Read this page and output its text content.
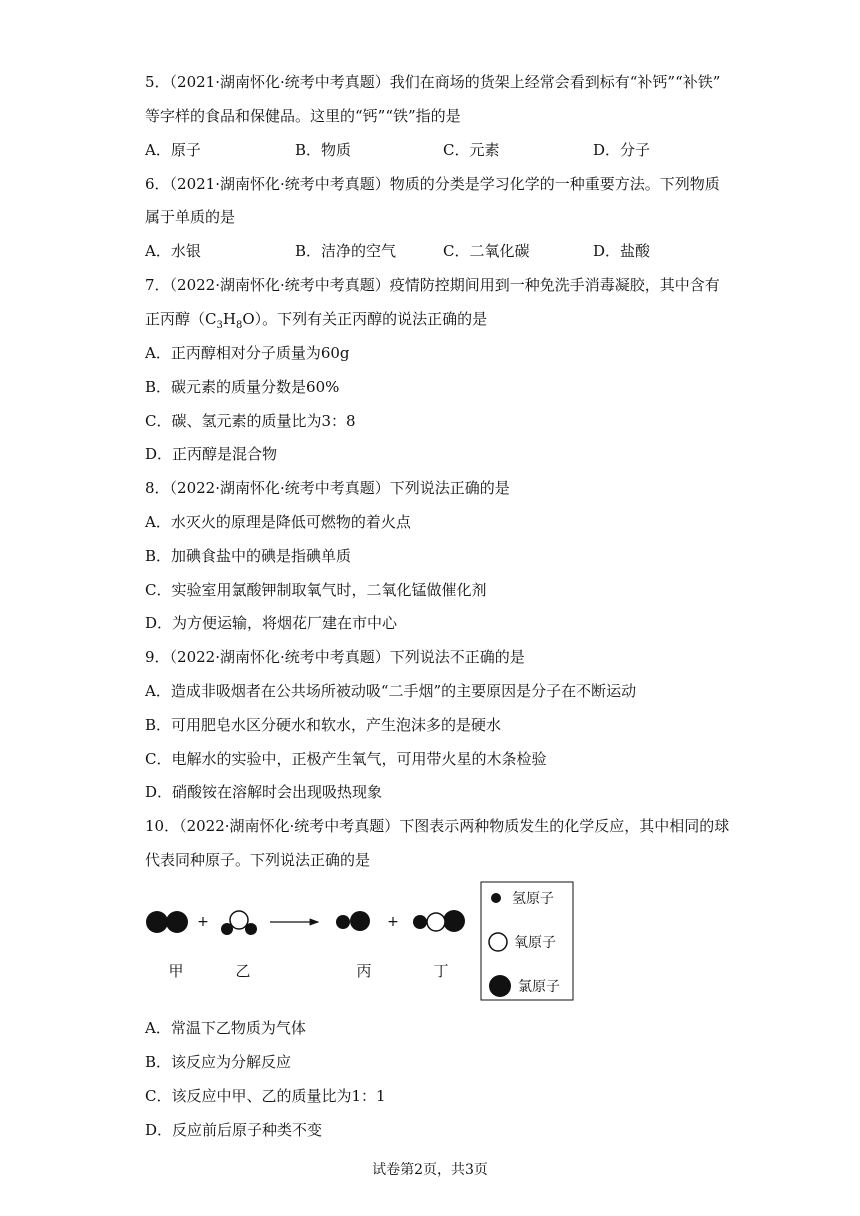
5．（2021·湖南怀化·统考中考真题）我们在商场的货架上经常会看到标有“补钙”“补铁”
等字样的食品和保健品。这里的“钙”“铁”指的是
A．原子	B．物质	C．元素	D．分子
6．（2021·湖南怀化·统考中考真题）物质的分类是学习化学的一种重要方法。下列物质
属于单质的是
A．水银	B．洁净的空气	C．二氧化碳	D．盐酸
7．（2022·湖南怀化·统考中考真题）疫情防控期间用到一种免洗手消毒凝胶，其中含有
正丙醇$(C_3H_8O)$。下列有关正丙醇的说法正确的是
A．正丙醇相对分子质量为60g
B．碳元素的质量分数是60%
C．碳、氢元素的质量比为3：8
D．正丙醇是混合物
8．（2022·湖南怀化·统考中考真题）下列说法正确的是
A．水灭火的原理是降低可燃物的着火点
B．加碘食盐中的碘是指碘单质
C．实验室用氯酸钾制取氧气时，二氧化锰做催化剂
D．为方便运输，将烟花厂建在市中心
9．（2022·湖南怀化·统考中考真题）下列说法不正确的是
A．造成非吸烟者在公共场所被动吸“二手烟”的主要原因是分子在不断运动
B．可用肥皂水区分硬水和软水，产生泡沫多的是硬水
C．电解水的实验中，正极产生氧气，可用带火星的木条检验
D．硝酸铵在溶解时会出现吸热现象
10．（2022·湖南怀化·统考中考真题）下图表示两种物质发生的化学反应，其中相同的球
代表同种原子。下列说法正确的是
+	+
甲	乙	丙	丁
氢原子
氧原子
氯原子
A．常温下乙物质为气体
B．该反应为分解反应
C．该反应中甲、乙的质量比为1：1
D．反应前后原子种类不变
试卷第2页，共3页
